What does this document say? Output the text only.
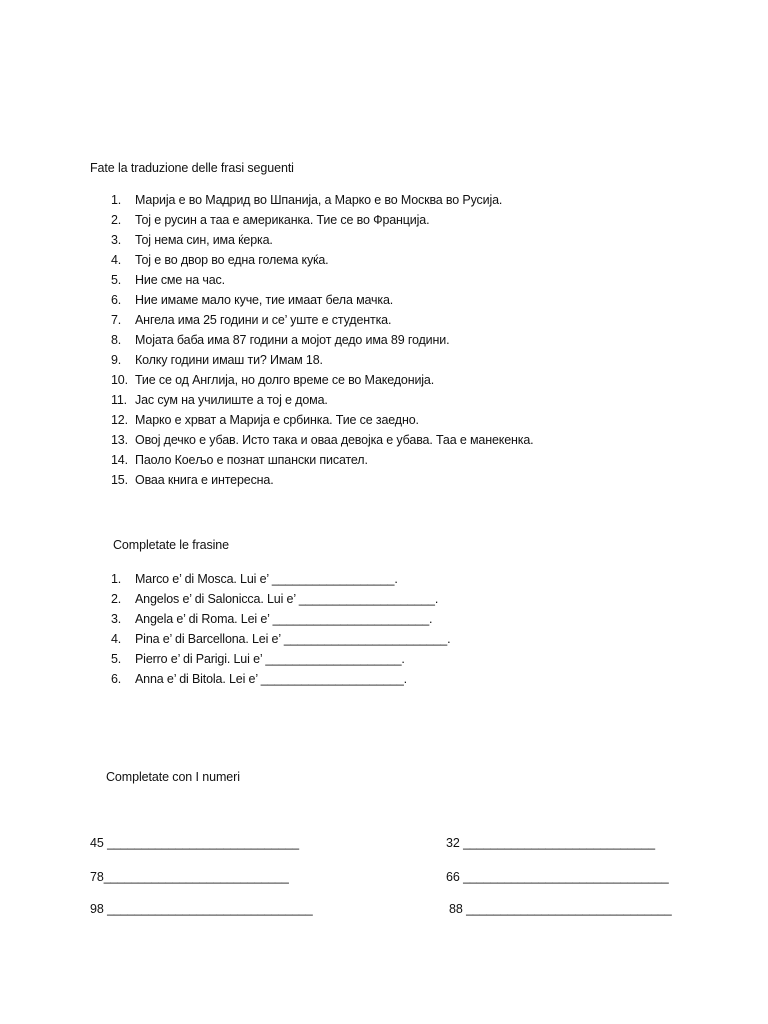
Fate la traduzione delle frasi seguenti
1. Марија е во Мадрид во Шпанија, а Марко е во Москва во Русија.
2. Тој е русин а таа е американка. Тие се во Франција.
3. Тој нема син, има ќерка.
4. Тој е во двор во една голема куќа.
5. Ние сме на час.
6. Ние имаме мало куче, тие имаат бела мачка.
7. Ангела има 25 години и се’ уште е студентка.
8. Мојата баба има 87 години а мојот дедо има 89 години.
9. Колку години имаш ти? Имам 18.
10. Тие се од Англија, но долго време се во Македонија.
11. Јас сум на училиште а тој е дома.
12. Марко е хрват а Марија е србинка. Тие се заедно.
13. Овој дечко е убав. Исто така и оваа девојка е убава. Таа е манекенка.
14. Паоло Коељо е познат шпански писател.
15. Оваа книга е интересна.
Completate le frasine
1. Marco e’ di Mosca. Lui e’ __________________.
2. Angelos e’ di Salonicca. Lui e’ ____________________.
3. Angela e’ di Roma. Lei e’ _______________________.
4. Pina e’ di Barcellona. Lei e’ ________________________.
5. Pierro e’ di Parigi. Lui e’ ____________________.
6. Anna e’ di Bitola. Lei e’ _____________________.
Completate con I numeri
45 ____________________________
78___________________________
98 ______________________________
32 ____________________________
66 ______________________________
88 ______________________________
